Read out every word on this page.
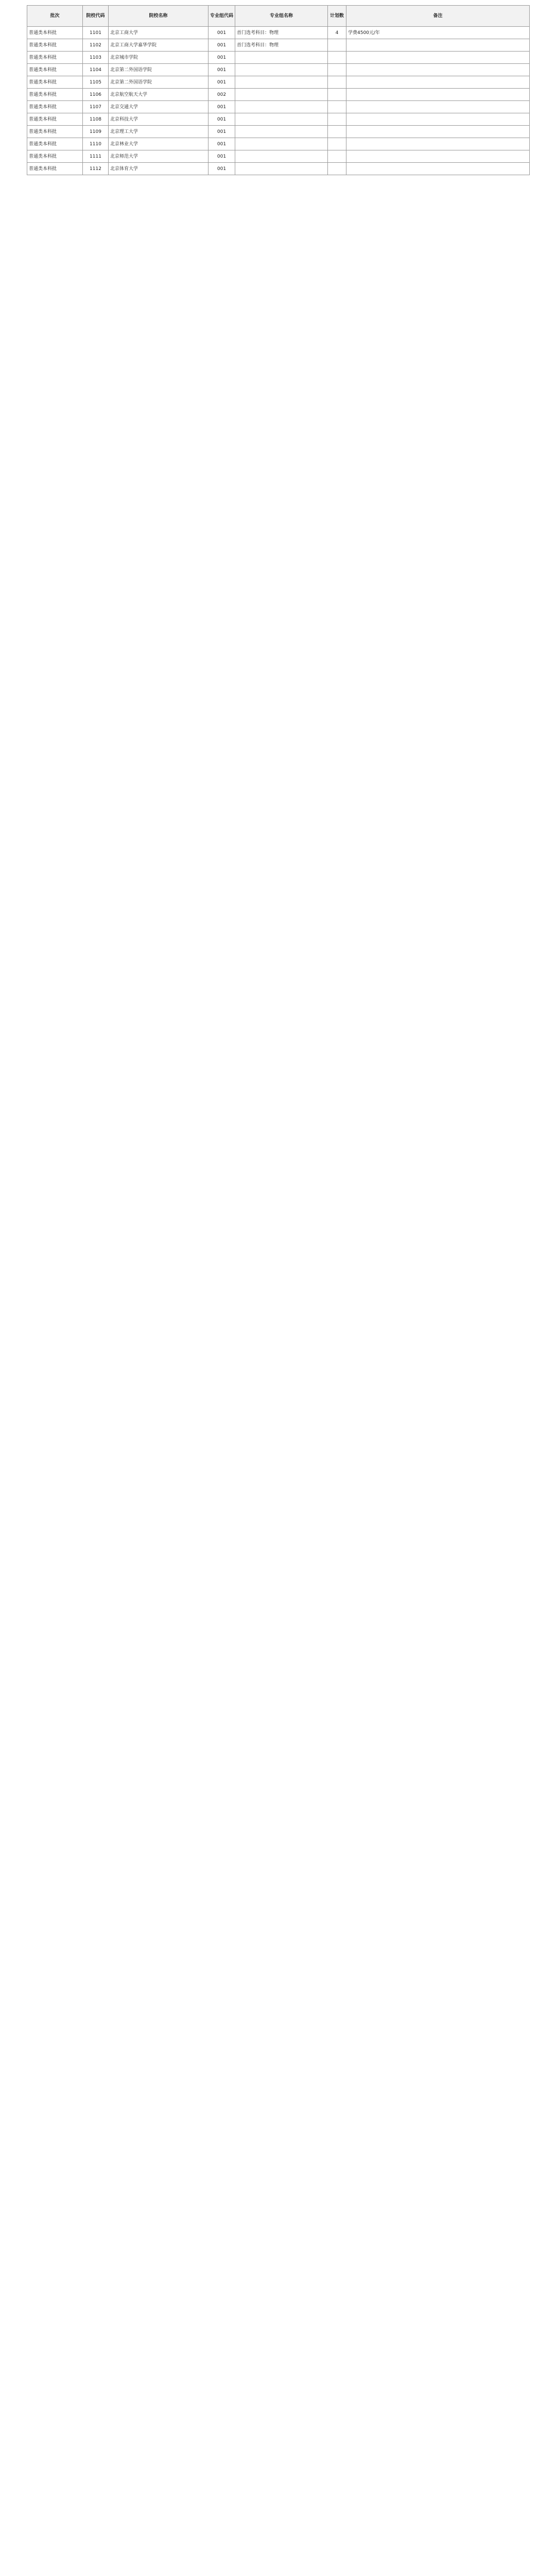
批次	院校代码	院校名称	专业组代码	专业组名称	计划数	备注
普通类本科批	1101	北京工商大学	001	首门选考科目：物理	4	学费4500元/年
普通类本科批	1102	北京工商大学嘉华学院	001	首门选考科目：物理		
普通类本科批	1103	北京城市学院	001			
普通类本科批	1104	北京第二外国语学院	001			
普通类本科批	1105	北京第二外国语学院	001			
普通类本科批	1106	北京航空航天大学	002			
普通类本科批	1107	北京交通大学	001			
普通类本科批	1108	北京科技大学	001			
普通类本科批	1109	北京理工大学	001			
普通类本科批	1110	北京林业大学	001			
普通类本科批	1111	北京师范大学	001			
普通类本科批	1112	北京体育大学	001			
